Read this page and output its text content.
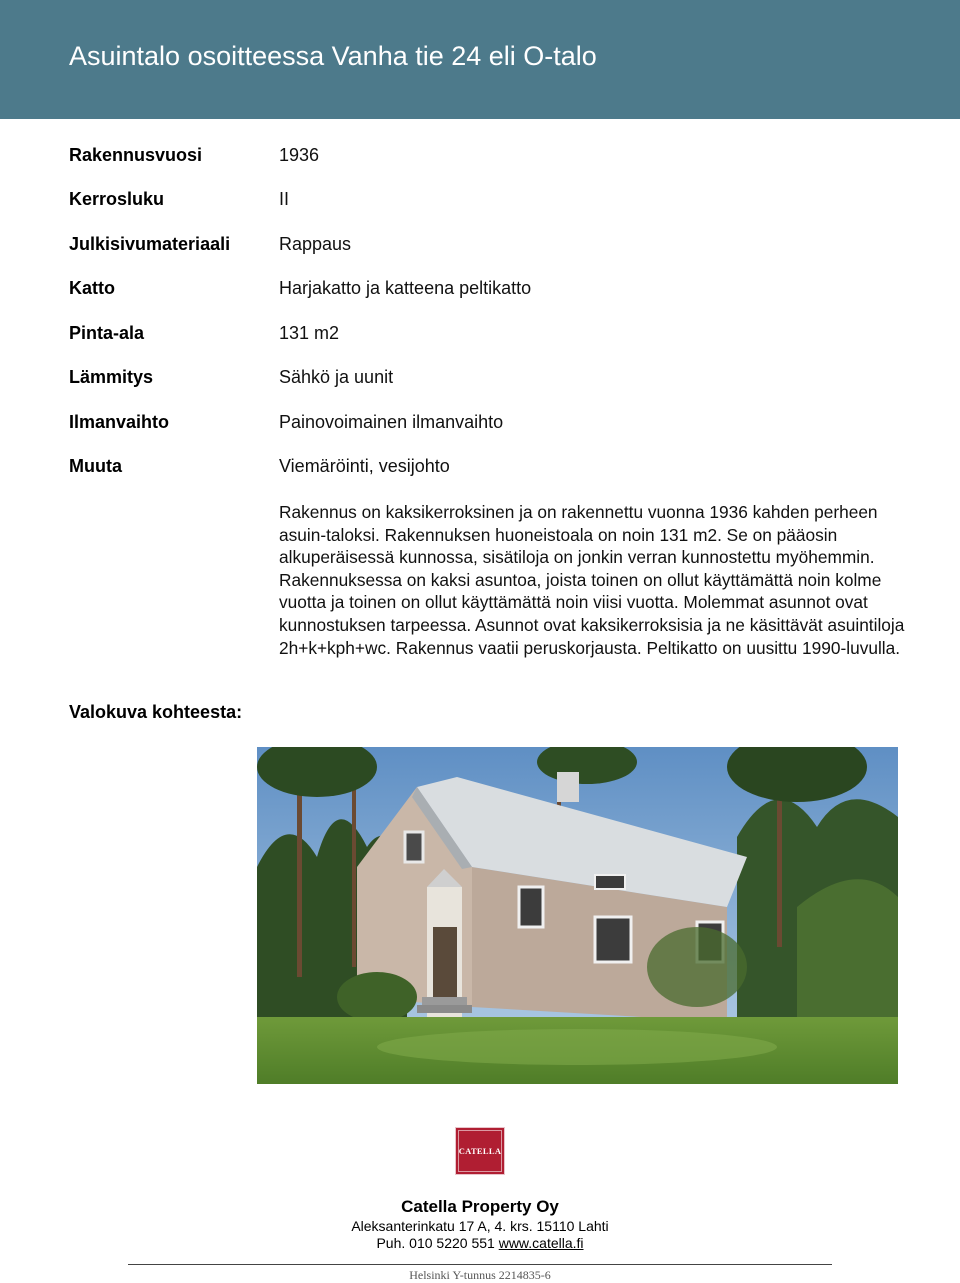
Asuintalo osoitteessa Vanha tie 24 eli O-talo
Rakennusvuosi	1936
Kerrosluku	II
Julkisivumateriaali	Rappaus
Katto	Harjakatto ja katteena peltikatto
Pinta-ala	131 m2
Lämmitys	Sähkö ja uunit
Ilmanvaihto	Painovoimainen ilmanvaihto
Muuta	Viemäröinti, vesijohto

Rakennus on kaksikerroksinen ja on rakennettu vuonna 1936 kahden perheen asuin-taloksi. Rakennuksen huoneistoala on noin 131 m2. Se on pääosin alkuperäisessä kunnossa, sisätiloja on jonkin verran kunnostettu myöhemmin. Rakennuksessa on kaksi asuntoa, joista toinen on ollut käyttämättä noin kolme vuotta ja toinen on ollut käyttämättä noin viisi vuotta. Molemmat asunnot ovat kunnostuksen tarpeessa. Asunnot ovat kaksikerroksisia ja ne käsittävät asuintiloja 2h+k+kph+wc. Rakennus vaatii peruskorjausta. Peltikatto on uusittu 1990-luvulla.

Valokuva kohteesta:
CATELLA
Catella Property Oy
Aleksanterinkatu 17 A, 4. krs. 15110 Lahti
Puh. 010 5220 551 www.catella.fi
Helsinki Y-tunnus 2214835-6
